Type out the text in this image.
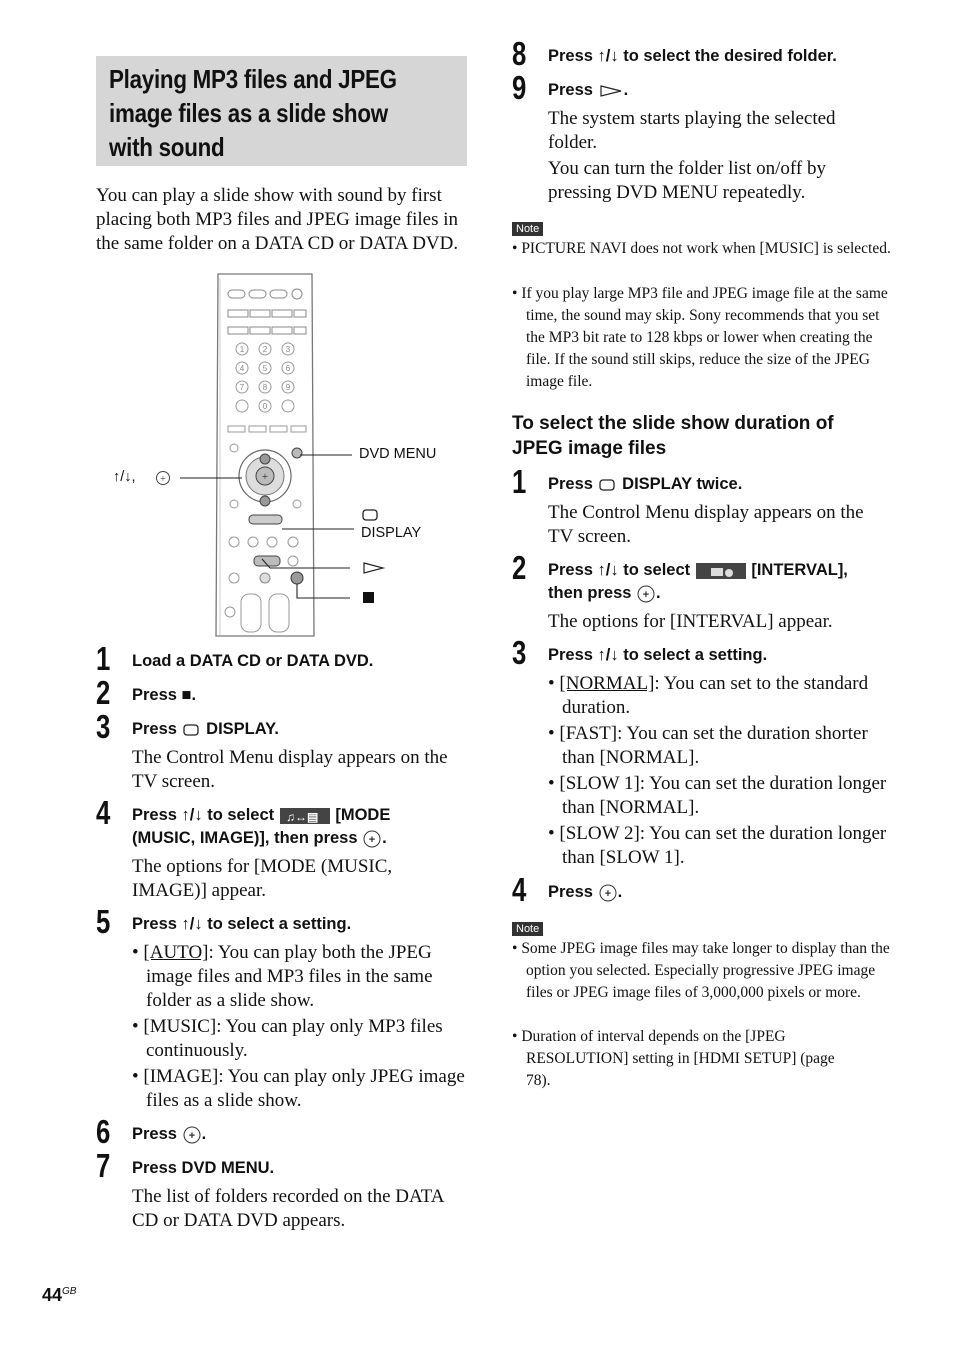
Playing MP3 files and JPEG image files as a slide show with sound
You can play a slide show with sound by first placing both MP3 files and JPEG image files in the same folder on a DATA CD or DATA DVD.
1 2 3
4 5 6
7 8 9
0
+
+
↑/↓,
DVD MENU
DISPLAY
1 Load a DATA CD or DATA DVD.
2 Press ■.
3 Press DISPLAY.
The Control Menu display appears on the TV screen.
4 Press ↑/↓ to select ♫↔▤ [MODE
(MUSIC, IMAGE)], then press + .
The options for [MODE (MUSIC, IMAGE)] appear.
5 Press ↑/↓ to select a setting.
• [AUTO]: You can play both the JPEG image files and MP3 files in the same folder as a slide show.
• [MUSIC]: You can play only MP3 files continuously.
• [IMAGE]: You can play only JPEG image files as a slide show.
6 Press + .
7 Press DVD MENU.
The list of folders recorded on the DATA CD or DATA DVD appears.
$44^{GB}$
8 Press ↑/↓ to select the desired folder.
9 Press .
The system starts playing the selected folder.
You can turn the folder list on/off by pressing DVD MENU repeatedly.
Note
• PICTURE NAVI does not work when [MUSIC] is selected.
• If you play large MP3 file and JPEG image file at the same time, the sound may skip. Sony recommends that you set the MP3 bit rate to 128 kbps or lower when creating the file. If the sound still skips, reduce the size of the JPEG image file.
To select the slide show duration of JPEG image files
1 Press DISPLAY twice.
The Control Menu display appears on the TV screen.
2 Press ↑/↓ to select	[INTERVAL],
then press + .
The options for [INTERVAL] appear.
3 Press ↑/↓ to select a setting.
• [NORMAL]: You can set to the standard duration.
• [FAST]: You can set the duration shorter than [NORMAL].
• [SLOW 1]: You can set the duration longer than [NORMAL].
• [SLOW 2]: You can set the duration longer than [SLOW 1].
4 Press + .
Note
• Some JPEG image files may take longer to display than the option you selected. Especially progressive JPEG image files or JPEG image files of 3,000,000 pixels or more.
• Duration of interval depends on the [JPEG RESOLUTION] setting in [HDMI SETUP] (page 78).
